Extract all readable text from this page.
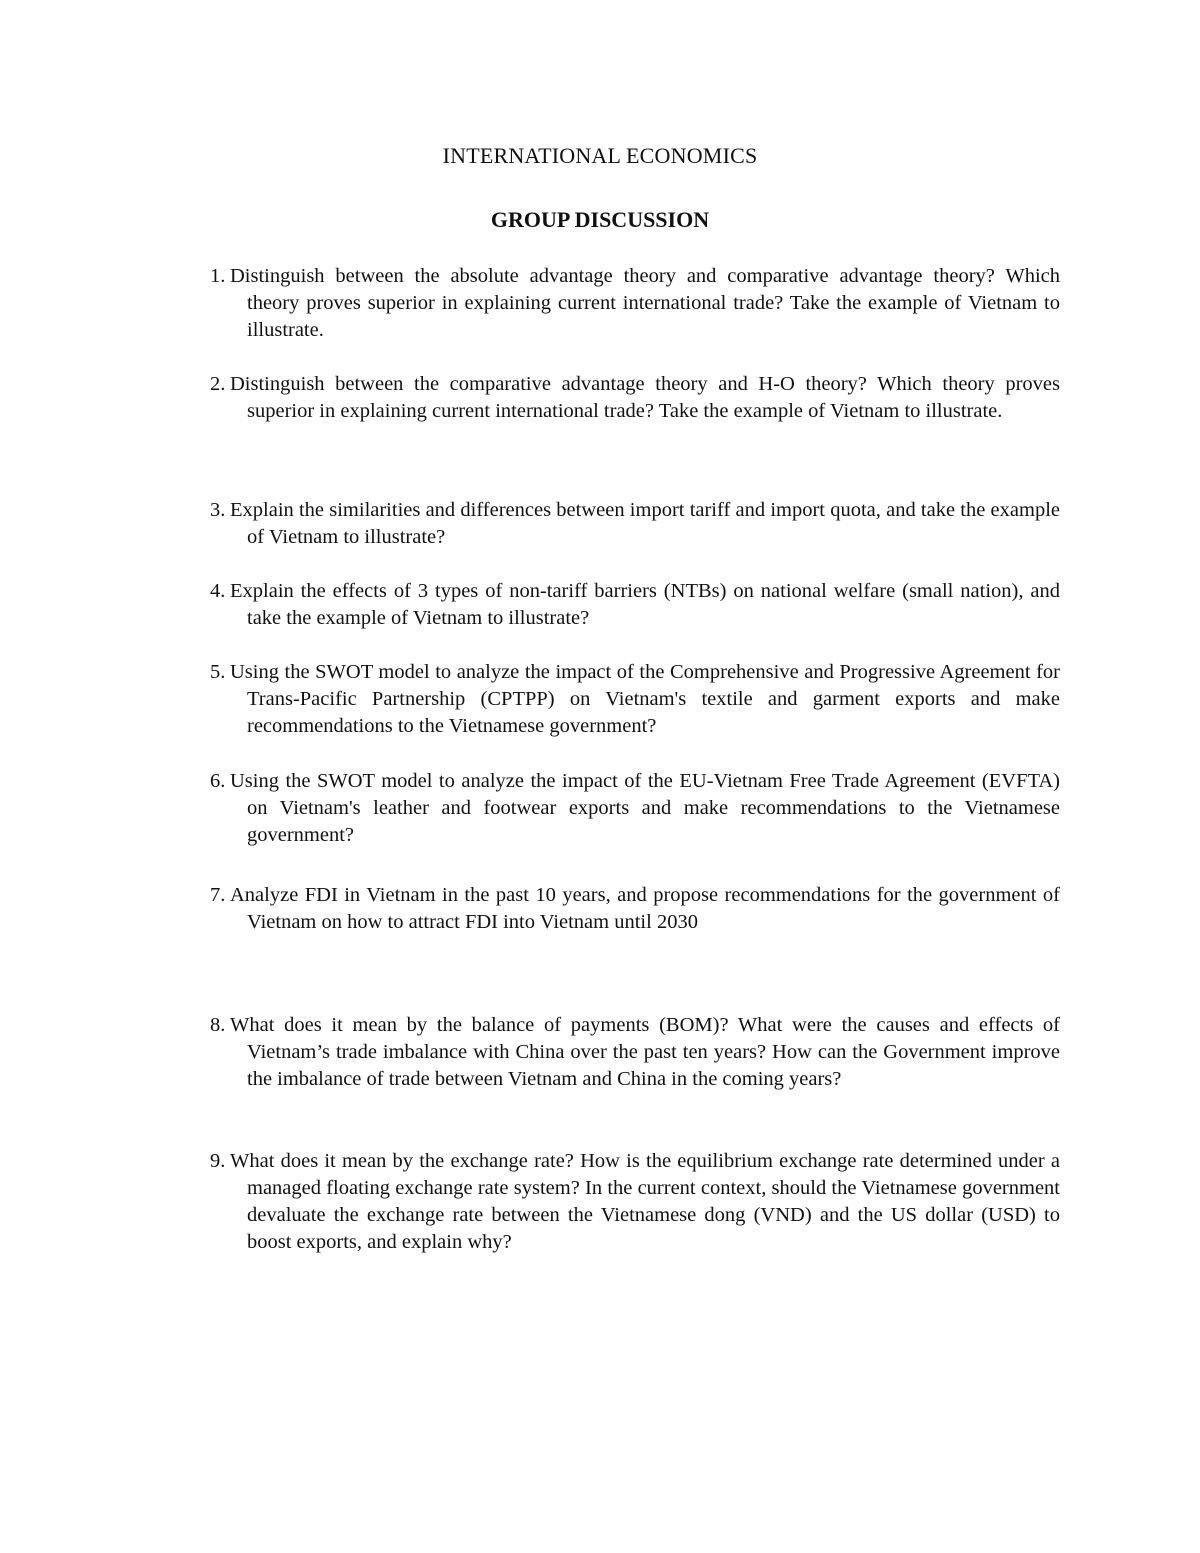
INTERNATIONAL ECONOMICS
GROUP DISCUSSION
1. Distinguish between the absolute advantage theory and comparative advantage theory? Which theory proves superior in explaining current international trade? Take the example of Vietnam to illustrate.
2. Distinguish between the comparative advantage theory and H-O theory? Which theory proves superior in explaining current international trade? Take the example of Vietnam to illustrate.
3. Explain the similarities and differences between import tariff and import quota, and take the example of Vietnam to illustrate?
4. Explain the effects of 3 types of non-tariff barriers (NTBs) on national welfare (small nation), and take the example of Vietnam to illustrate?
5. Using the SWOT model to analyze the impact of the Comprehensive and Progressive Agreement for Trans-Pacific Partnership (CPTPP) on Vietnam's textile and garment exports and make recommendations to the Vietnamese government?
6. Using the SWOT model to analyze the impact of the EU-Vietnam Free Trade Agreement (EVFTA) on Vietnam's leather and footwear exports and make recommendations to the Vietnamese government?
7. Analyze FDI in Vietnam in the past 10 years, and propose recommendations for the government of Vietnam on how to attract FDI into Vietnam until 2030
8. What does it mean by the balance of payments (BOM)? What were the causes and effects of Vietnam’s trade imbalance with China over the past ten years? How can the Government improve the imbalance of trade between Vietnam and China in the coming years?
9. What does it mean by the exchange rate? How is the equilibrium exchange rate determined under a managed floating exchange rate system? In the current context, should the Vietnamese government devaluate the exchange rate between the Vietnamese dong (VND) and the US dollar (USD) to boost exports, and explain why?
